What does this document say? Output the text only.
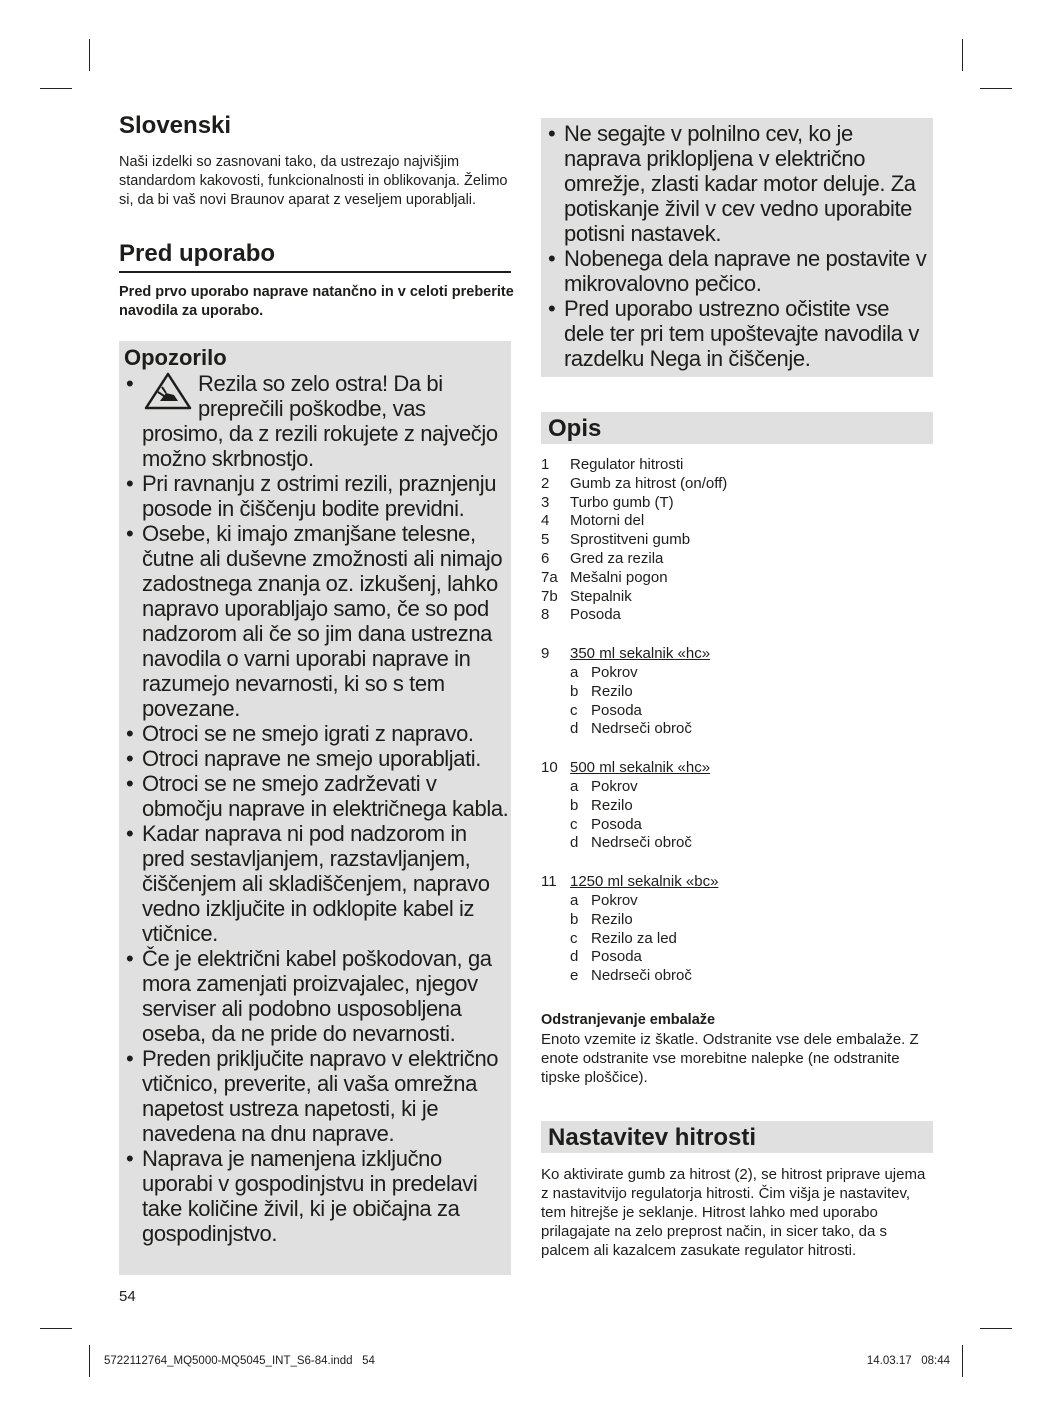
Slovenski
Naši izdelki so zasnovani tako, da ustrezajo najvišjim standardom kakovosti, funkcionalnosti in oblikovanja. Želimo si, da bi vaš novi Braunov aparat z veseljem uporabljali.
Pred uporabo
Pred prvo uporabo naprave natančno in v celoti preberite navodila za uporabo.
Opozorilo
• Rezila so zelo ostra! Da bi preprečili poškodbe, vas prosimo, da z rezili rokujete z največjo možno skrbnostjo.
• Pri ravnanju z ostrimi rezili, praznjenju posode in čiščenju bodite previdni.
• Osebe, ki imajo zmanjšane telesne, čutne ali duševne zmožnosti ali nimajo zadostnega znanja oz. izkušenj, lahko napravo uporabljajo samo, če so pod nadzorom ali če so jim dana ustrezna navodila o varni uporabi naprave in razumejo nevarnosti, ki so s tem povezane.
• Otroci se ne smejo igrati z napravo.
• Otroci naprave ne smejo uporabljati.
• Otroci se ne smejo zadrževati v območju naprave in električnega kabla.
• Kadar naprava ni pod nadzorom in pred sestavljanjem, razstavljanjem, čiščenjem ali skladiščenjem, napravo vedno izključite in odklopite kabel iz vtičnice.
• Če je električni kabel poškodovan, ga mora zamenjati proizvajalec, njegov serviser ali podobno usposobljena oseba, da ne pride do nevarnosti.
• Preden priključite napravo v električno vtičnico, preverite, ali vaša omrežna napetost ustreza napetosti, ki je navedena na dnu naprave.
• Naprava je namenjena izključno uporabi v gospodinjstvu in predelavi take količine živil, ki je običajna za gospodinjstvo.
54
• Ne segajte v polnilno cev, ko je naprava priklopljena v električno omrežje, zlasti kadar motor deluje. Za potiskanje živil v cev vedno uporabite potisni nastavek.
• Nobenega dela naprave ne postavite v mikrovalovno pečico.
• Pred uporabo ustrezno očistite vse dele ter pri tem upoštevajte navodila v razdelku Nega in čiščenje.
Opis
1	Regulator hitrosti
2	Gumb za hitrost (on/off)
3	Turbo gumb (T)
4	Motorni del
5	Sprostitveni gumb
6	Gred za rezila
7a Mešalni pogon
7b Stepalnik
8	Posoda
9	350 ml sekalnik «hc»
a Pokrov
b Rezilo
c Posoda
d Nedrseči obroč
10 500 ml sekalnik «hc»
a Pokrov
b Rezilo
c Posoda
d Nedrseči obroč
11 1250 ml sekalnik «bc»
a Pokrov
b Rezilo
c Rezilo za led
d Posoda
e Nedrseči obroč
Odstranjevanje embalaže
Enoto vzemite iz škatle. Odstranite vse dele embalaže. Z enote odstranite vse morebitne nalepke (ne odstranite tipske ploščice).
Nastavitev hitrosti
Ko aktivirate gumb za hitrost (2), se hitrost priprave ujema z nastavitvijo regulatorja hitrosti. Čim višja je nastavitev, tem hitrejše je seklanje. Hitrost lahko med uporabo prilagajate na zelo preprost način, in sicer tako, da s palcem ali kazalcem zasukate regulator hitrosti.
5722112764_MQ5000-MQ5045_INT_S6-84.indd   54	14.03.17   08:44
